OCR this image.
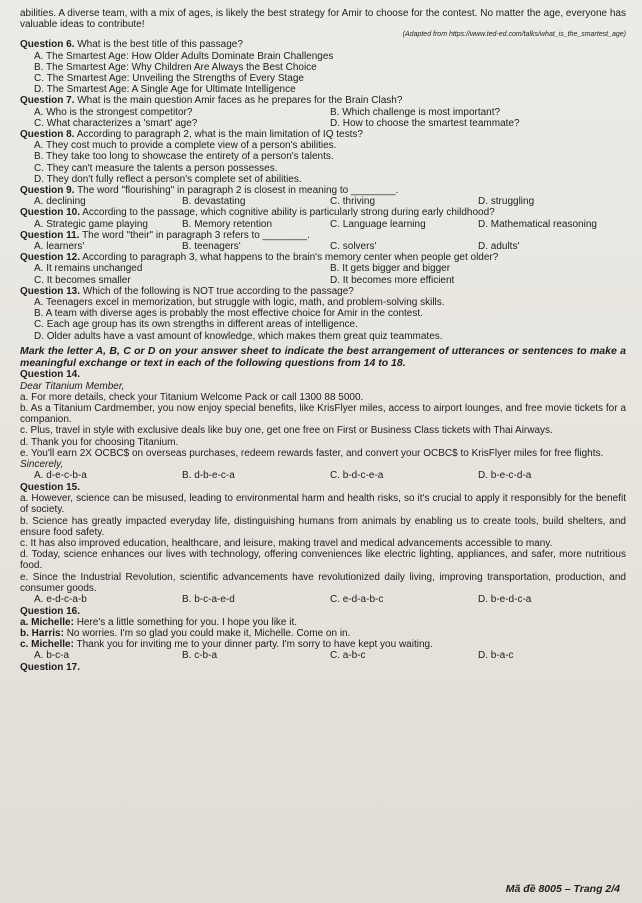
abilities. A diverse team, with a mix of ages, is likely the best strategy for Amir to choose for the contest. No matter the age, everyone has valuable ideas to contribute!

(Adapted from https://www.ted-ed.com/talks/what_is_the_smartest_age)

Question 6. What is the best title of this passage?

A. The Smartest Age: How Older Adults Dominate Brain Challenges

B. The Smartest Age: Why Children Are Always the Best Choice

C. The Smartest Age: Unveiling the Strengths of Every Stage

D. The Smartest Age: A Single Age for Ultimate Intelligence

Question 7. What is the main question Amir faces as he prepares for the Brain Clash?

A. Who is the strongest competitor?	B. Which challenge is most important?
C. What characterizes a 'smart' age?	D. How to choose the smartest teammate?

Question 8. According to paragraph 2, what is the main limitation of IQ tests?

A. They cost much to provide a complete view of a person's abilities.

B. They take too long to showcase the entirety of a person's talents.

C. They can't measure the talents a person possesses.

D. They don't fully reflect a person's complete set of abilities.

Question 9. The word "flourishing" in paragraph 2 is closest in meaning to ________.

A. declining	B. devastating	C. thriving	D. struggling

Question 10. According to the passage, which cognitive ability is particularly strong during early childhood?

A. Strategic game playing	B. Memory retention	C. Language learning	D. Mathematical reasoning

Question 11. The word "their" in paragraph 3 refers to ________.

A. learners'	B. teenagers'	C. solvers'	D. adults'

Question 12. According to paragraph 3, what happens to the brain's memory center when people get older?

A. It remains unchanged	B. It gets bigger and bigger
C. It becomes smaller	D. It becomes more efficient

Question 13. Which of the following is NOT true according to the passage?

A. Teenagers excel in memorization, but struggle with logic, math, and problem-solving skills.

B. A team with diverse ages is probably the most effective choice for Amir in the contest.

C. Each age group has its own strengths in different areas of intelligence.

D. Older adults have a vast amount of knowledge, which makes them great quiz teammates.

Mark the letter A, B, C or D on your answer sheet to indicate the best arrangement of utterances or sentences to make a meaningful exchange or text in each of the following questions from 14 to 18.

Question 14.

Dear Titanium Member,

a. For more details, check your Titanium Welcome Pack or call 1300 88 5000.

b. As a Titanium Cardmember, you now enjoy special benefits, like KrisFlyer miles, access to airport lounges, and free movie tickets for a companion.

c. Plus, travel in style with exclusive deals like buy one, get one free on First or Business Class tickets with Thai Airways.

d. Thank you for choosing Titanium.

e. You'll earn 2X OCBC$ on overseas purchases, redeem rewards faster, and convert your OCBC$ to KrisFlyer miles for free flights.

Sincerely,

A. d-e-c-b-a	B. d-b-e-c-a	C. b-d-c-e-a	D. b-e-c-d-a

Question 15.

a. However, science can be misused, leading to environmental harm and health risks, so it's crucial to apply it responsibly for the benefit of society.

b. Science has greatly impacted everyday life, distinguishing humans from animals by enabling us to create tools, build shelters, and ensure food safety.

c. It has also improved education, healthcare, and leisure, making travel and medical advancements accessible to many.

d. Today, science enhances our lives with technology, offering conveniences like electric lighting, appliances, and safer, more nutritious food.

e. Since the Industrial Revolution, scientific advancements have revolutionized daily living, improving transportation, production, and consumer goods.

A. e-d-c-a-b	B. b-c-a-e-d	C. e-d-a-b-c	D. b-e-d-c-a

Question 16.

a. Michelle: Here's a little something for you. I hope you like it.

b. Harris: No worries. I'm so glad you could make it, Michelle. Come on in.

c. Michelle: Thank you for inviting me to your dinner party. I'm sorry to have kept you waiting.

A. b-c-a	B. c-b-a	C. a-b-c	D. b-a-c

Question 17.

Mã đề 8005 – Trang 2/4
